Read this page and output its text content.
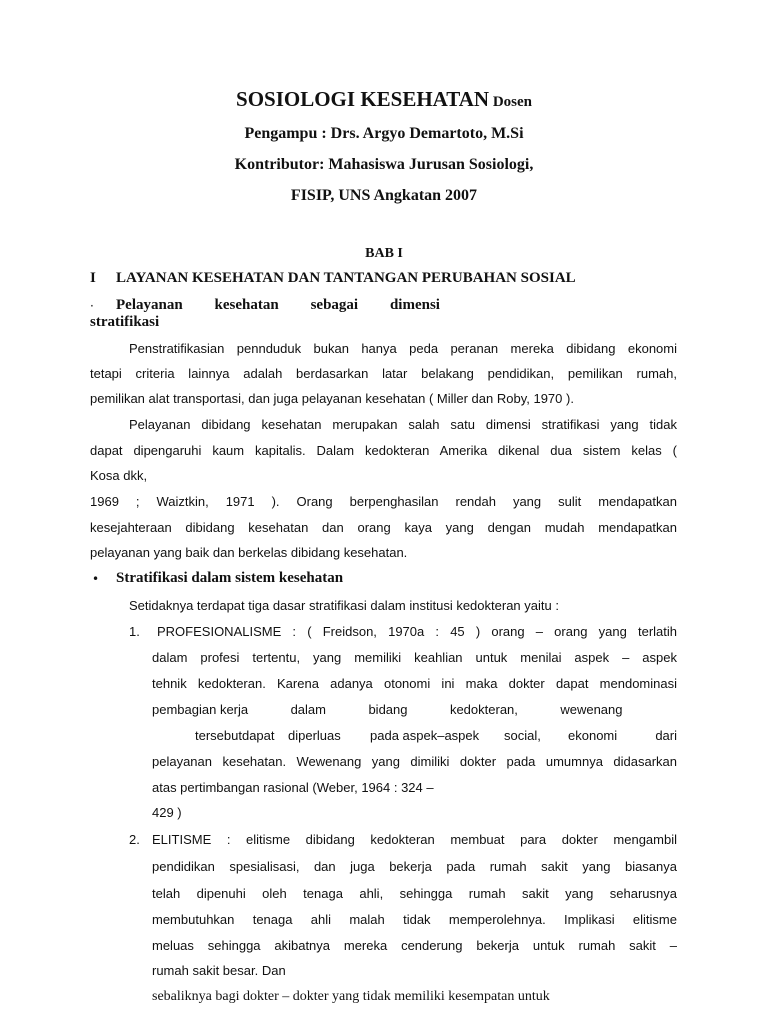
SOSIOLOGI KESEHATAN Dosen
Pengampu : Drs. Argyo Demartoto, M.Si
Kontributor: Mahasiswa Jurusan Sosiologi,
FISIP, UNS Angkatan 2007
BAB I
I LAYANAN KESEHATAN DAN TANTANGAN PERUBAHAN SOSIAL
· Pelayanan kesehatan sebagai dimensi
stratifikasi
Penstratifikasian pennduduk bukan hanya peda peranan mereka dibidang ekonomi
tetapi criteria lainnya adalah berdasarkan latar belakang pendidikan, pemilikan rumah,
pemilikan alat transportasi, dan juga pelayanan kesehatan ( Miller dan Roby, 1970 ).
Pelayanan dibidang kesehatan merupakan salah satu dimensi stratifikasi yang tidak
dapat dipengaruhi kaum kapitalis. Dalam kedokteran Amerika dikenal dua sistem kelas (
Kosa dkk,
1969 ; Waiztkin, 1971 ). Orang berpenghasilan rendah yang sulit mendapatkan
kesejahteraan dibidang kesehatan dan orang kaya yang dengan mudah mendapatkan
pelayanan yang baik dan berkelas dibidang kesehatan.
• Stratifikasi dalam sistem kesehatan
Setidaknya terdapat tiga dasar stratifikasi dalam institusi kedokteran yaitu :
1. PROFESIONALISME : ( Freidson, 1970a : 45 ) orang – orang yang terlatih
dalam profesi tertentu, yang memiliki keahlian untuk menilai aspek – aspek
tehnik kedokteran. Karena adanya otonomi ini maka dokter dapat mendominasi
pembagian kerja	dalam	bidang	kedokteran,	wewenang
tersebutdapat diperluas pada aspek–aspek social, ekonomi	dari
pelayanan kesehatan. Wewenang yang dimiliki dokter pada umumnya didasarkan
atas pertimbangan rasional (Weber, 1964 : 324 –
429 )
2. ELITISME : elitisme dibidang kedokteran membuat para dokter mengambil
pendidikan spesialisasi, dan juga bekerja pada rumah sakit yang biasanya
telah dipenuhi oleh tenaga ahli, sehingga rumah sakit yang seharusnya
membutuhkan tenaga ahli malah tidak memperolehnya. Implikasi elitisme
meluas sehingga akibatnya mereka cenderung bekerja untuk rumah sakit –
rumah sakit besar. Dan
sebaliknya bagi dokter – dokter yang tidak memiliki kesempatan untuk
